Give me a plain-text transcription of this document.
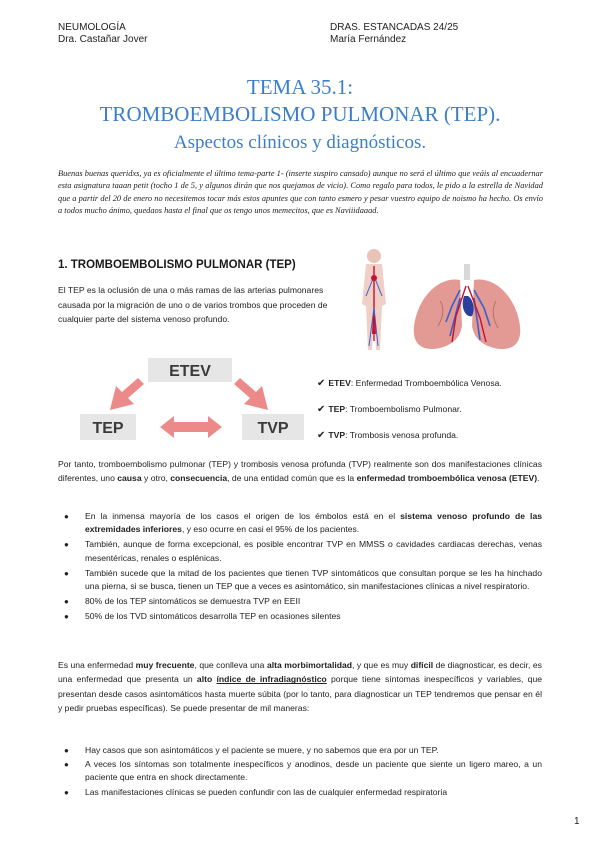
NEUMOLOGÍA
Dra. Castañar Jover
DRAS. ESTANCADAS 24/25
María Fernández
TEMA 35.1:
TROMBOEMBOLISMO PULMONAR (TEP).
Aspectos clínicos y diagnósticos.
Buenas buenas queridxs, ya es oficialmente el último tema-parte 1- (inserte suspiro cansado) aunque no será el último que veáis al encuadernar esta asignatura taaan petit (tocho 1 de 5, y algunos dirán que nos quejamos de vicio). Como regalo para todos, le pido a la estrella de Navidad que a partir del 20 de enero no necesitemos tocar más estos apuntes que con tanto esmero y pesar vuestro equipo de noismo ha hecho. Os envío a todos mucho ánimo, quedaos hasta el final que os tengo unos memecitos, que es Naviiidaaad.
1. TROMBOEMBOLISMO PULMONAR (TEP)
El TEP es la oclusión de una o más ramas de las arterias pulmonares causada por la migración de uno o de varios trombos que proceden de cualquier parte del sistema venoso profundo.
ETEV
TEP	TVP
✔ ETEV: Enfermedad Tromboembólica Venosa.
✔ TEP: Tromboembolismo Pulmonar.
✔ TVP: Trombosis venosa profunda.
Por tanto, tromboembolismo pulmonar (TEP) y trombosis venosa profunda (TVP) realmente son dos manifestaciones clínicas diferentes, uno causa y otro, consecuencia, de una entidad común que es la enfermedad tromboembólica venosa (ETEV).
● En la inmensa mayoría de los casos el origen de los émbolos está en el sistema venoso profundo de las extremidades inferiores, y eso ocurre en casi el 95% de los pacientes.
● También, aunque de forma excepcional, es posible encontrar TVP en MMSS o cavidades cardiacas derechas, venas mesentéricas, renales o esplénicas.
● También sucede que la mitad de los pacientes que tienen TVP sintomáticos que consultan porque se les ha hinchado una pierna, si se busca, tienen un TEP que a veces es asintomático, sin manifestaciones clínicas a nivel respiratorio.
● 80% de los TEP sintomáticos se demuestra TVP en EEII
● 50% de los TVD sintomáticos desarrolla TEP en ocasiones silentes
Es una enfermedad muy frecuente, que conlleva una alta morbimortalidad, y que es muy difícil de diagnosticar, es decir, es una enfermedad que presenta un alto índice de infradiagnóstico porque tiene síntomas inespecíficos y variables, que presentan desde casos asintomáticos hasta muerte súbita (por lo tanto, para diagnosticar un TEP tendremos que pensar en él y pedir pruebas específicas). Se puede presentar de mil maneras:
● Hay casos que son asintomáticos y el paciente se muere, y no sabemos que era por un TEP.
● A veces los síntomas son totalmente inespecíficos y anodinos, desde un paciente que siente un ligero mareo, a un paciente que entra en shock directamente.
● Las manifestaciones clínicas se pueden confundir con las de cualquier enfermedad respiratoria
1
